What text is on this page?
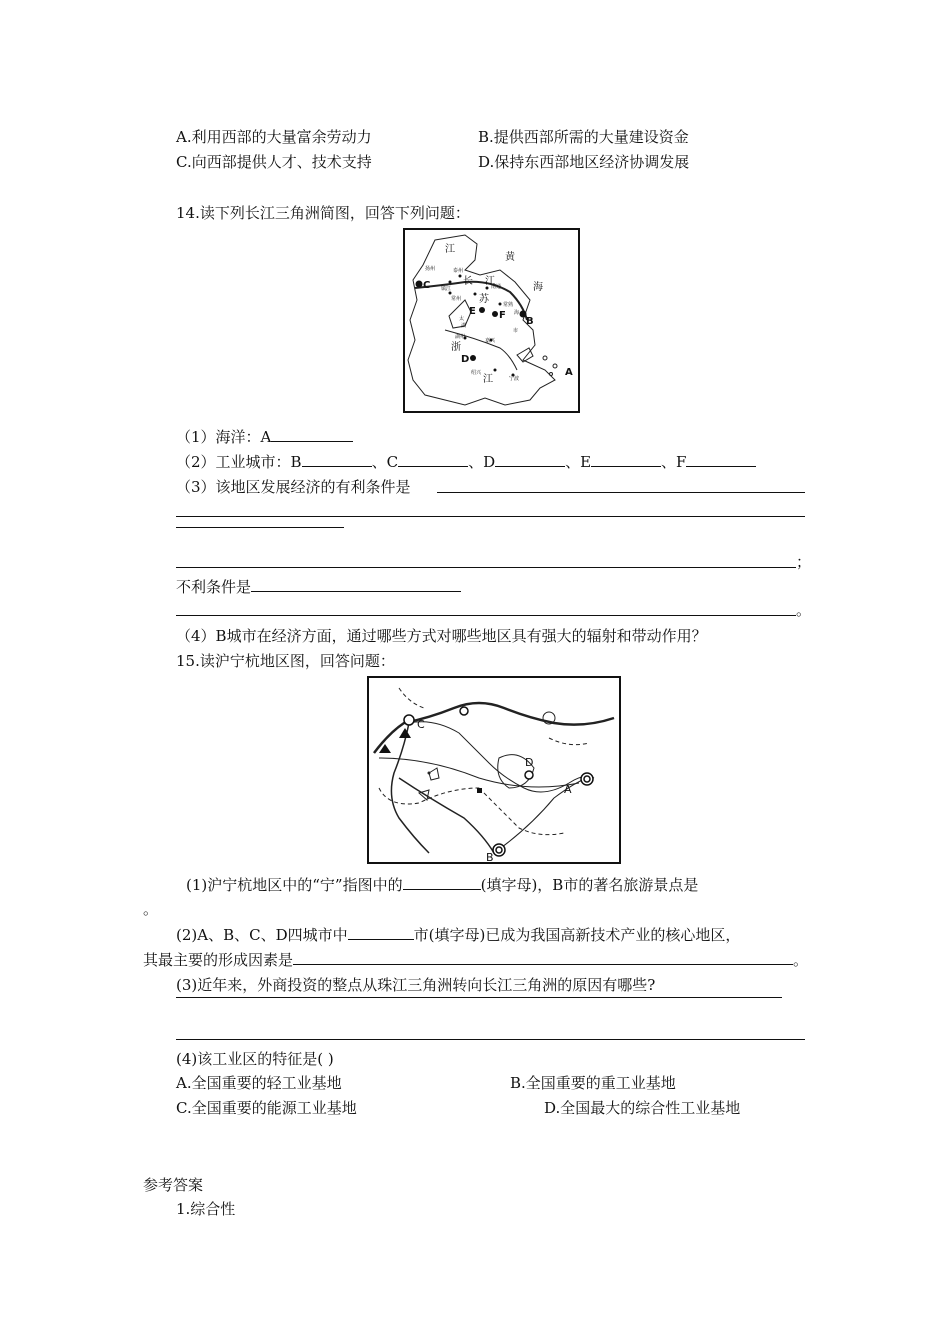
A.利用西部的大量富余劳动力	B.提供西部所需的大量建设资金
C.向西部提供人才、技术支持	D.保持东西部地区经济协调发展
14.读下列长江三角洲简图，回答下列问题：
江
黄
海
长 江
苏
浙
江
C
E F
B
D
A
扬州	泰州
镇江	南通
常州
常熟
海
太
湖
市
湖州
嘉兴
绍兴
宁波
（1）海洋：A
（2）工业城市：B	、C	、D	、E	、F
（3）该地区发展经济的有利条件是
；
不利条件是
。
（4）B城市在经济方面，通过哪些方式对哪些地区具有强大的辐射和带动作用？
15.读沪宁杭地区图，回答问题：
C
D
A
B
(1)沪宁杭地区中的“宁”指图中的	(填字母)，B市的著名旅游景点是
。
(2)A、B、C、D四城市中	市(填字母)已成为我国高新技术产业的核心地区，
其最主要的形成因素是	。
(3)近年来，外商投资的整点从珠江三角洲转向长江三角洲的原因有哪些?
(4)该工业区的特征是( )
A.全国重要的轻工业基地	B.全国重要的重工业基地
C.全国重要的能源工业基地	D.全国最大的综合性工业基地
参考答案
1.综合性
